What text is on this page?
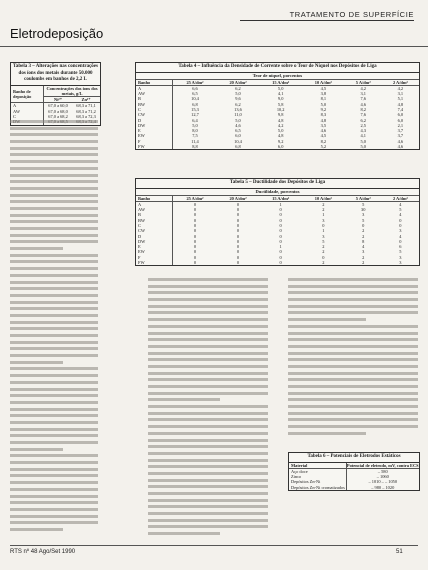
TRATAMENTO DE SUPERFÍCIE
Eletrodeposição
Tabela 3 – Alterações nas concentrações dos íons dos metais durante 50.000 coulombs em banhos de 2,2 L
Banho de deposição	Concentrações dos íons dos metais, g/L	
	Ni²⁺	Zn²⁺
A	67,0 a 60,0	68,3 a 71,1
AW	67,0 a 68,0	68,3 a 71,2
C	67,0 a 68,2	68,3 a 72,3

Tabela 4 – Influência da Densidade de Corrente sobre o Teor de Níquel nos Depósitos de Liga
Teor de níquel, porcentos
Banho	25 A/dm²	20 A/dm²	15 A/dm²	10 A/dm²	5 A/dm²	2 A/dm²
A	6,6	6,2	5,0	4,5	4,2	4,2
AW	6,5	5,0	4,1	3,8	3,1	3,1
B	10,4	9,6	9,0	8,1	7,6	5,1
BW	6,8	6,2	5,8	5,0	4,6	4,8
C	15,3	13,6	10,2	9,2	8,2	7,4
CW	12,7	11,0	9,8	8,3	7,6	6,0
D	6,4	5,0	4,8	4,8	6,2	6,0
DW	5,0	4,6	4,2	3,5	2,5	2,1
E	8,0	6,5	5,0	4,6	4,3	3,7
EW	7,5	6,0	4,8	4,5	4,1	3,7
F	11,4	10,4	9,2	8,2	5,0	4,6
FW	8,8	6,8	6,0	5,2	5,0	4,6
Tabela 5 – Ductilidade dos Depósitos de Liga
Ductilidade, porcentos
Banho	25 A/dm²	20 A/dm²	15 A/dm²	10 A/dm²	5 A/dm²	2 A/dm²
A	0	0	1	2	5	4
AW	0	0	0	2	30	5
B	0	0	0	1	3	4
BW	0	0	0	3	5	0
C	0	0	0	0	0	0
CW	0	0	0	1	2	3
D	0	0	0	3	2	4
DW	0	0	0	5	8	0
E	0	0	1	2	4	6
EW	0	0	0	2	3	5
F	0	0	0	0	2	3
FW	0	0	0	2	2	3
Tabela 6 – Potenciais de Eletrodos Estáticos
Material	Potencial de eletrodo, mV, contra ECS
Aço doce	– 580
Zinco	– 1060
Depósitos Zn-Ni	– 1010 – – 1050
Depósitos Zn-Ni cromatizados	– 980 – 1020
RTS nº 48 Ago/Set 1990	51
